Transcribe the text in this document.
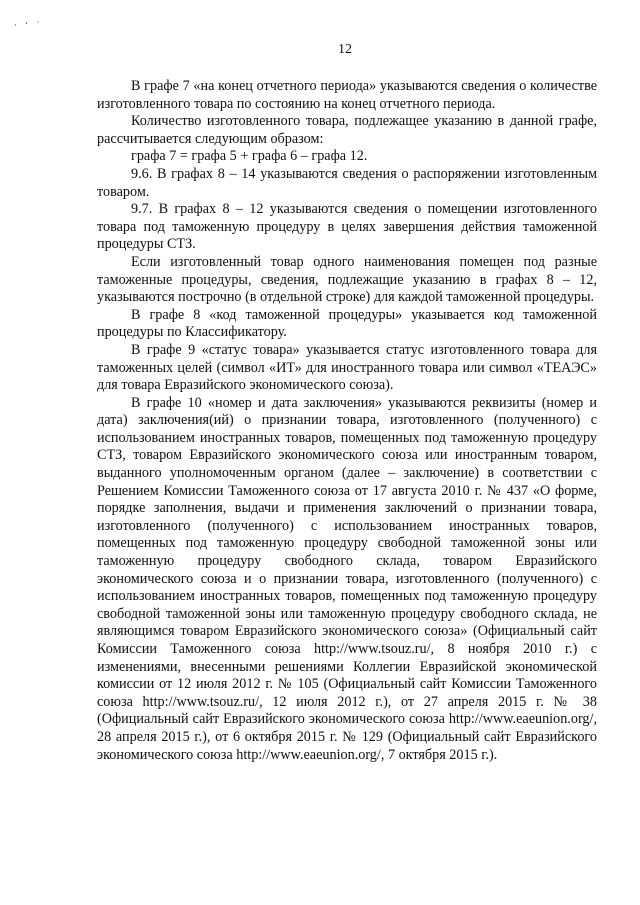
· ‘ ˙
12

В графе 7 «на конец отчетного периода» указываются сведения о количестве изготовленного товара по состоянию на конец отчетного периода.

Количество изготовленного товара, подлежащее указанию в данной графе, рассчитывается следующим образом:

графа 7 = графа 5 + графа 6 – графа 12.

9.6. В графах 8 – 14 указываются сведения о распоряжении изготовленным товаром.

9.7. В графах 8 – 12 указываются сведения о помещении изготовленного товара под таможенную процедуру в целях завершения действия таможенной процедуры СТЗ.

Если изготовленный товар одного наименования помещен под разные таможенные процедуры, сведения, подлежащие указанию в графах 8 – 12, указываются построчно (в отдельной строке) для каждой таможенной процедуры.

В графе 8 «код таможенной процедуры» указывается код таможенной процедуры по Классификатору.

В графе 9 «статус товара» указывается статус изготовленного товара для таможенных целей (символ «ИТ» для иностранного товара или символ «ТЕАЭС» для товара Евразийского экономического союза).

В графе 10 «номер и дата заключения» указываются реквизиты (номер и дата) заключения(ий) о признании товара, изготовленного (полученного) с использованием иностранных товаров, помещенных под таможенную процедуру СТЗ, товаром Евразийского экономического союза или иностранным товаром, выданного уполномоченным органом (далее – заключение) в соответствии с Решением Комиссии Таможенного союза от 17 августа 2010 г. № 437 «О форме, порядке заполнения, выдачи и применения заключений о признании товара, изготовленного (полученного) с использованием иностранных товаров, помещенных под таможенную процедуру свободной таможенной зоны или таможенную процедуру свободного склада, товаром Евразийского экономического союза и о признании товара, изготовленного (полученного) с использованием иностранных товаров, помещенных под таможенную процедуру свободной таможенной зоны или таможенную процедуру свободного склада, не являющимся товаром Евразийского экономического союза» (Официальный сайт Комиссии Таможенного союза http://www.tsouz.ru/, 8 ноября 2010 г.) с изменениями, внесенными решениями Коллегии Евразийской экономической комиссии от 12 июля 2012 г. № 105 (Официальный сайт Комиссии Таможенного союза http://www.tsouz.ru/, 12 июля 2012 г.), от 27 апреля 2015 г. № 38 (Официальный сайт Евразийского экономического союза http://www.eaeunion.org/, 28 апреля 2015 г.), от 6 октября 2015 г. № 129 (Официальный сайт Евразийского экономического союза http://www.eaeunion.org/, 7 октября 2015 г.).
